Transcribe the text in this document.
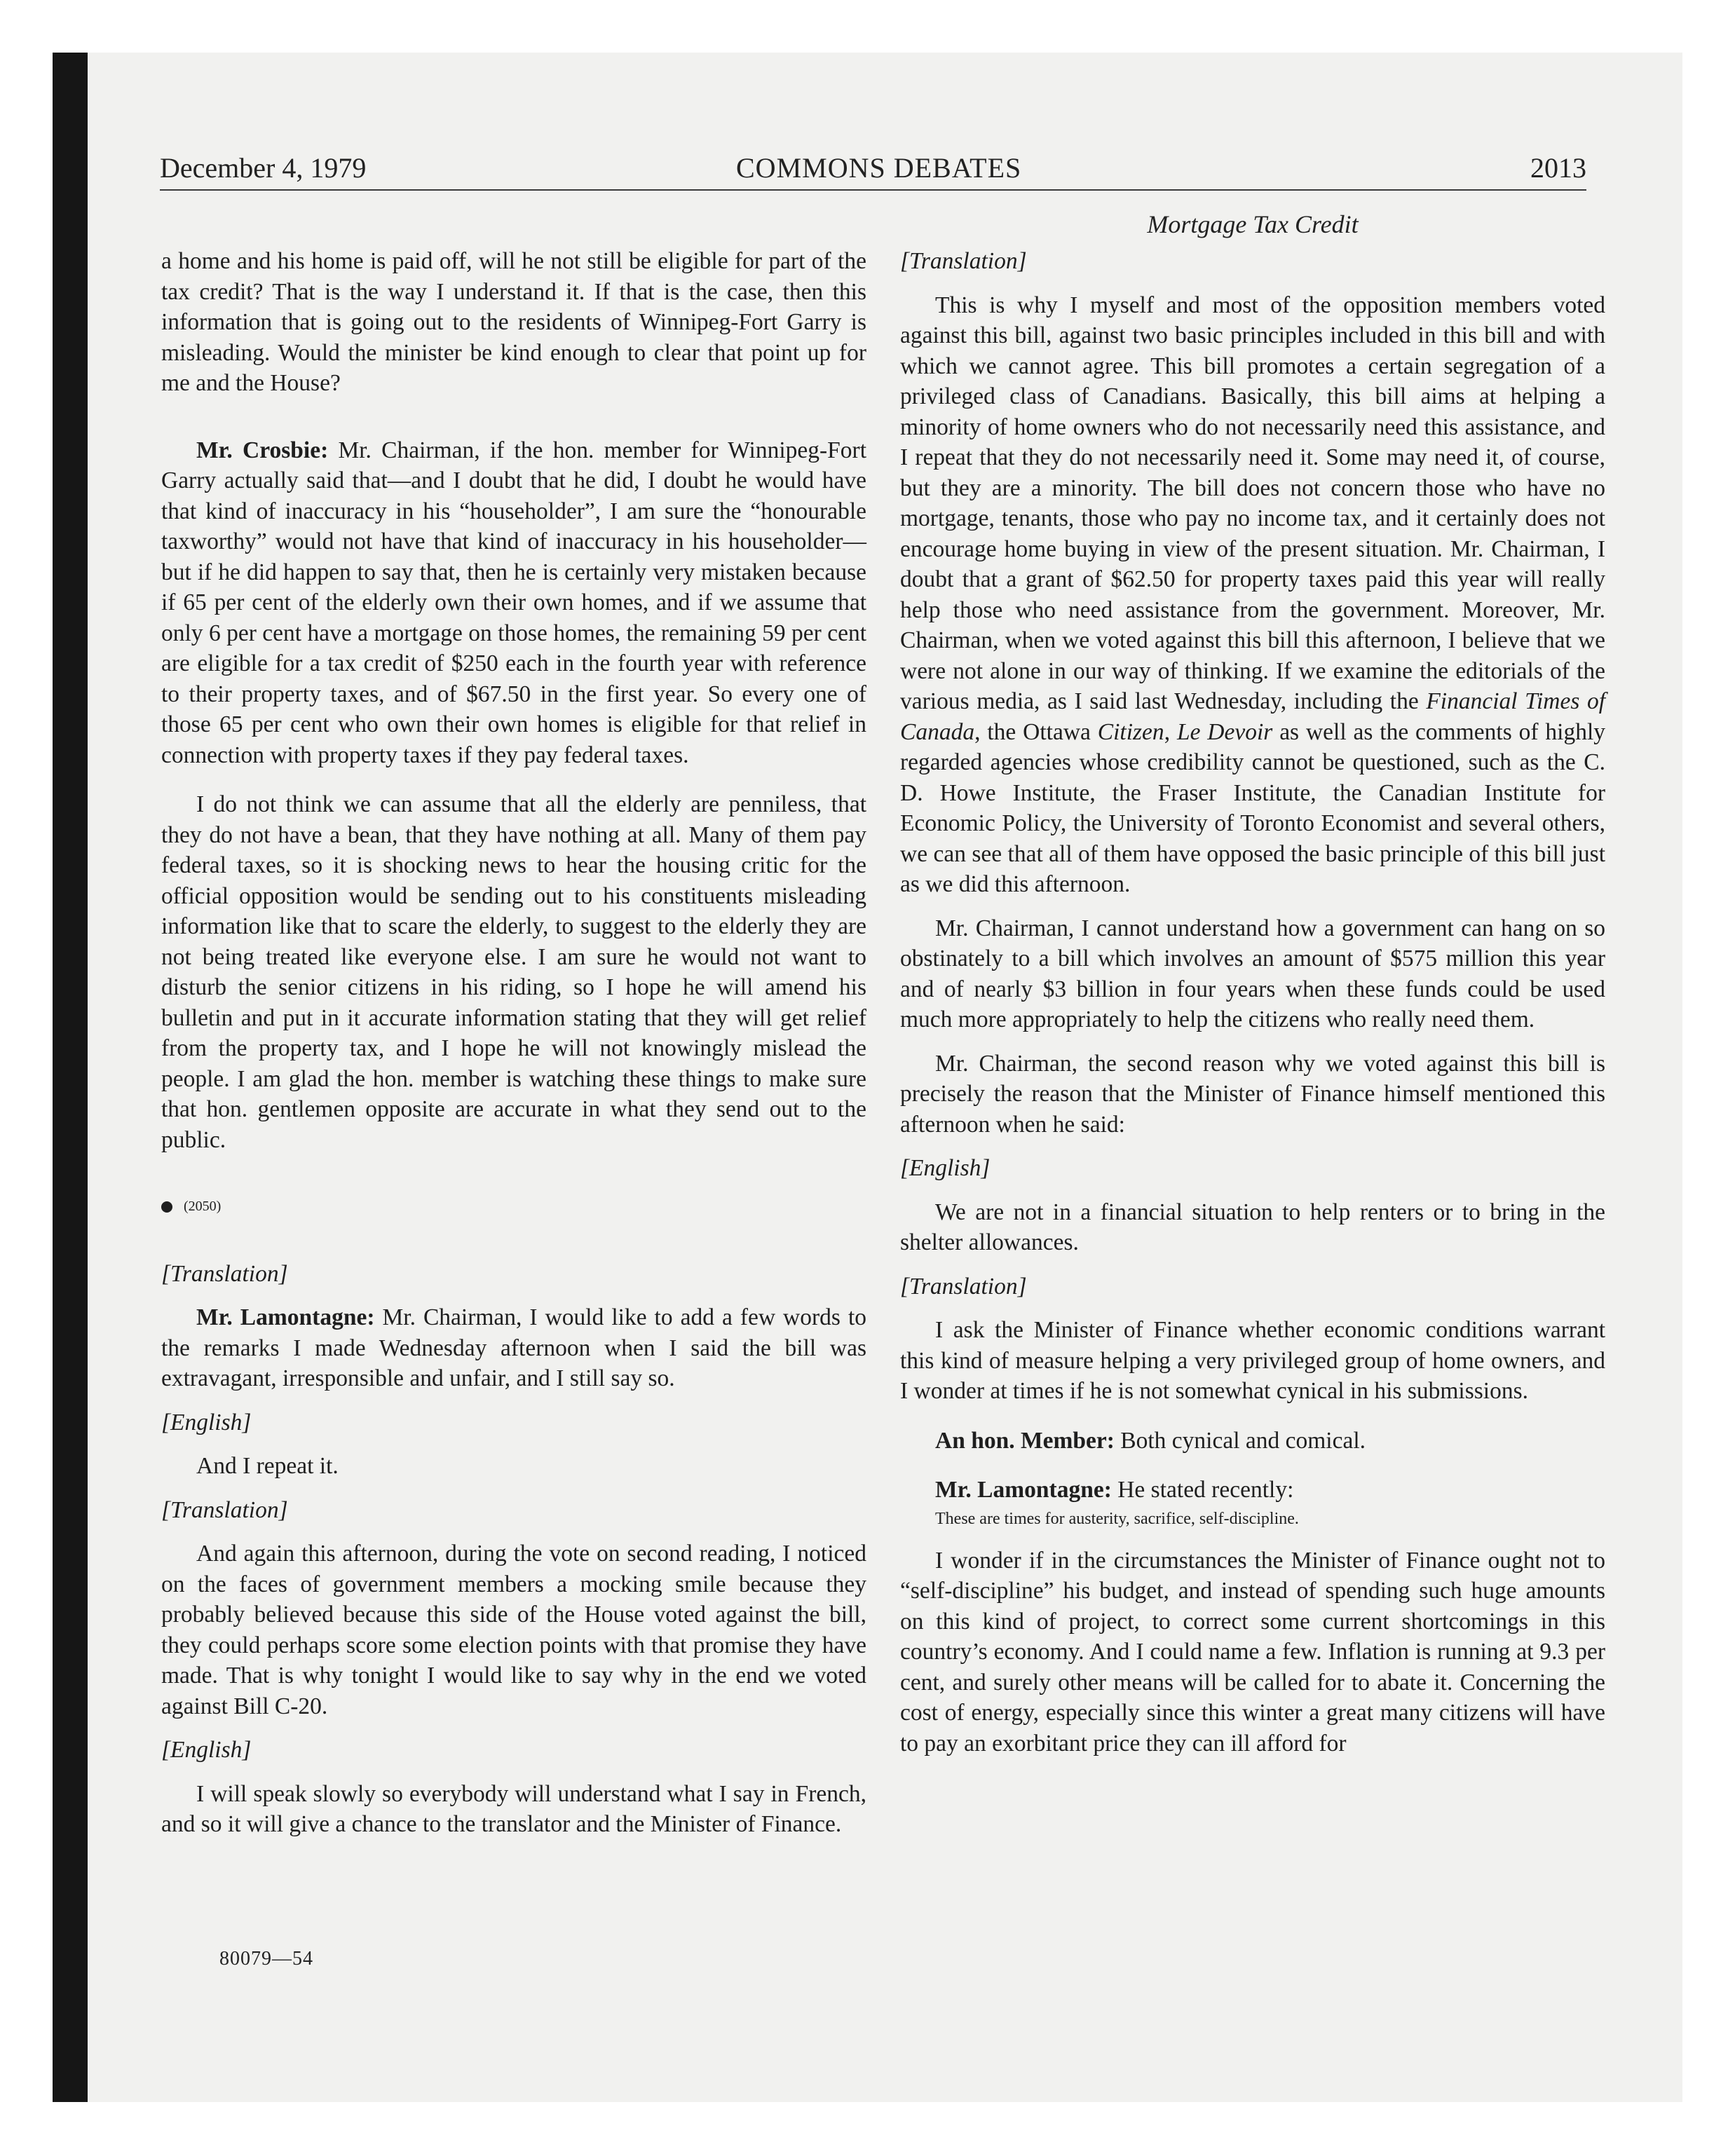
December 4, 1979	COMMONS DEBATES	2013
Mortgage Tax Credit

a home and his home is paid off, will he not still be eligible for part of the tax credit? That is the way I understand it. If that is the case, then this information that is going out to the residents of Winnipeg-Fort Garry is misleading. Would the minister be kind enough to clear that point up for me and the House?

Mr. Crosbie: Mr. Chairman, if the hon. member for Winnipeg-Fort Garry actually said that—and I doubt that he did, I doubt he would have that kind of inaccuracy in his “householder”, I am sure the “honourable taxworthy” would not have that kind of inaccuracy in his householder—but if he did happen to say that, then he is certainly very mistaken because if 65 per cent of the elderly own their own homes, and if we assume that only 6 per cent have a mortgage on those homes, the remaining 59 per cent are eligible for a tax credit of $250 each in the fourth year with reference to their property taxes, and of $67.50 in the first year. So every one of those 65 per cent who own their own homes is eligible for that relief in connection with property taxes if they pay federal taxes.

I do not think we can assume that all the elderly are penniless, that they do not have a bean, that they have nothing at all. Many of them pay federal taxes, so it is shocking news to hear the housing critic for the official opposition would be sending out to his constituents misleading information like that to scare the elderly, to suggest to the elderly they are not being treated like everyone else. I am sure he would not want to disturb the senior citizens in his riding, so I hope he will amend his bulletin and put in it accurate information stating that they will get relief from the property tax, and I hope he will not knowingly mislead the people. I am glad the hon. member is watching these things to make sure that hon. gentlemen opposite are accurate in what they send out to the public.

(2050)

[Translation]

Mr. Lamontagne: Mr. Chairman, I would like to add a few words to the remarks I made Wednesday afternoon when I said the bill was extravagant, irresponsible and unfair, and I still say so.

[English]

And I repeat it.

[Translation]

And again this afternoon, during the vote on second reading, I noticed on the faces of government members a mocking smile because they probably believed because this side of the House voted against the bill, they could perhaps score some election points with that promise they have made. That is why tonight I would like to say why in the end we voted against Bill C-20.

[English]

I will speak slowly so everybody will understand what I say in French, and so it will give a chance to the translator and the Minister of Finance.

[Translation]

This is why I myself and most of the opposition members voted against this bill, against two basic principles included in this bill and with which we cannot agree. This bill promotes a certain segregation of a privileged class of Canadians. Basically, this bill aims at helping a minority of home owners who do not necessarily need this assistance, and I repeat that they do not necessarily need it. Some may need it, of course, but they are a minority. The bill does not concern those who have no mortgage, tenants, those who pay no income tax, and it certainly does not encourage home buying in view of the present situation. Mr. Chairman, I doubt that a grant of $62.50 for property taxes paid this year will really help those who need assistance from the government. Moreover, Mr. Chairman, when we voted against this bill this afternoon, I believe that we were not alone in our way of thinking. If we examine the editorials of the various media, as I said last Wednesday, including the Financial Times of Canada, the Ottawa Citizen, Le Devoir as well as the comments of highly regarded agencies whose credibility cannot be questioned, such as the C. D. Howe Institute, the Fraser Institute, the Canadian Institute for Economic Policy, the University of Toronto Economist and several others, we can see that all of them have opposed the basic principle of this bill just as we did this afternoon.

Mr. Chairman, I cannot understand how a government can hang on so obstinately to a bill which involves an amount of $575 million this year and of nearly $3 billion in four years when these funds could be used much more appropriately to help the citizens who really need them.

Mr. Chairman, the second reason why we voted against this bill is precisely the reason that the Minister of Finance himself mentioned this afternoon when he said:

[English]

We are not in a financial situation to help renters or to bring in the shelter allowances.

[Translation]

I ask the Minister of Finance whether economic conditions warrant this kind of measure helping a very privileged group of home owners, and I wonder at times if he is not somewhat cynical in his submissions.

An hon. Member: Both cynical and comical.

Mr. Lamontagne: He stated recently:

These are times for austerity, sacrifice, self-discipline.

I wonder if in the circumstances the Minister of Finance ought not to “self-discipline” his budget, and instead of spending such huge amounts on this kind of project, to correct some current shortcomings in this country’s economy. And I could name a few. Inflation is running at 9.3 per cent, and surely other means will be called for to abate it. Concerning the cost of energy, especially since this winter a great many citizens will have to pay an exorbitant price they can ill afford for

80079—54
